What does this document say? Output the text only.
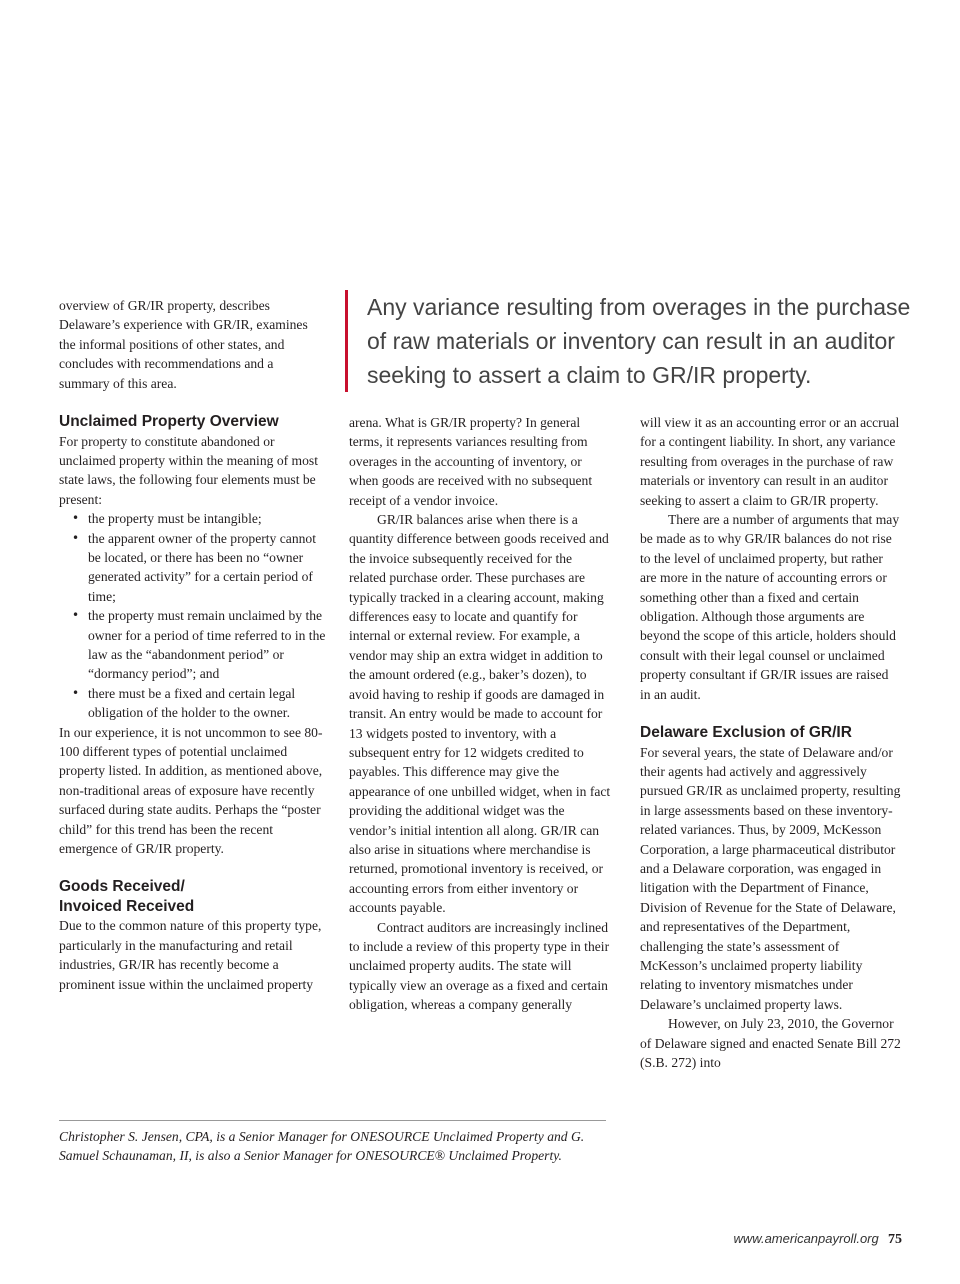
Any variance resulting from overages in the purchase of raw materials or inventory can result in an auditor seeking to assert a claim to GR/IR property.

overview of GR/IR property, describes Delaware’s experience with GR/IR, examines the informal positions of other states, and concludes with recommendations and a summary of this area.

Unclaimed Property Overview

For property to constitute abandoned or unclaimed property within the meaning of most state laws, the following four elements must be present:

• the property must be intangible;
• the apparent owner of the property cannot be located, or there has been no “owner generated activity” for a certain period of time;
• the property must remain unclaimed by the owner for a period of time referred to in the law as the “abandonment period” or “dormancy period”; and
• there must be a fixed and certain legal obligation of the holder to the owner.

In our experience, it is not uncommon to see 80-100 different types of potential unclaimed property listed. In addition, as mentioned above, non-traditional areas of exposure have recently surfaced during state audits. Perhaps the “poster child” for this trend has been the recent emergence of GR/IR property.

Goods Received/
Invoiced Received

Due to the common nature of this property type, particularly in the manufacturing and retail industries, GR/IR has recently become a prominent issue within the unclaimed property

arena. What is GR/IR property? In general terms, it represents variances resulting from overages in the accounting of inventory, or when goods are received with no subsequent receipt of a vendor invoice.

GR/IR balances arise when there is a quantity difference between goods received and the invoice subsequently received for the related purchase order. These purchases are typically tracked in a clearing account, making differences easy to locate and quantify for internal or external review. For example, a vendor may ship an extra widget in addition to the amount ordered (e.g., baker’s dozen), to avoid having to reship if goods are damaged in transit. An entry would be made to account for 13 widgets posted to inventory, with a subsequent entry for 12 widgets credited to payables. This difference may give the appearance of one unbilled widget, when in fact providing the additional widget was the vendor’s initial intention all along. GR/IR can also arise in situations where merchandise is returned, promotional inventory is received, or accounting errors from either inventory or accounts payable.

Contract auditors are increasingly inclined to include a review of this property type in their unclaimed property audits. The state will typically view an overage as a fixed and certain obligation, whereas a company generally

will view it as an accounting error or an accrual for a contingent liability. In short, any variance resulting from overages in the purchase of raw materials or inventory can result in an auditor seeking to assert a claim to GR/IR property.

There are a number of arguments that may be made as to why GR/IR balances do not rise to the level of unclaimed property, but rather are more in the nature of accounting errors or something other than a fixed and certain obligation. Although those arguments are beyond the scope of this article, holders should consult with their legal counsel or unclaimed property consultant if GR/IR issues are raised in an audit.

Delaware Exclusion of GR/IR

For several years, the state of Delaware and/or their agents had actively and aggressively pursued GR/IR as unclaimed property, resulting in large assessments based on these inventory-related variances. Thus, by 2009, McKesson Corporation, a large pharmaceutical distributor and a Delaware corporation, was engaged in litigation with the Department of Finance, Division of Revenue for the State of Delaware, and representatives of the Department, challenging the state’s assessment of McKesson’s unclaimed property liability relating to inventory mismatches under Delaware’s unclaimed property laws.

However, on July 23, 2010, the Governor of Delaware signed and enacted Senate Bill 272 (S.B. 272) into

Christopher S. Jensen, CPA, is a Senior Manager for ONESOURCE Unclaimed Property and G. Samuel Schaunaman, II, is also a Senior Manager for ONESOURCE® Unclaimed Property.
www.americanpayroll.org 75
